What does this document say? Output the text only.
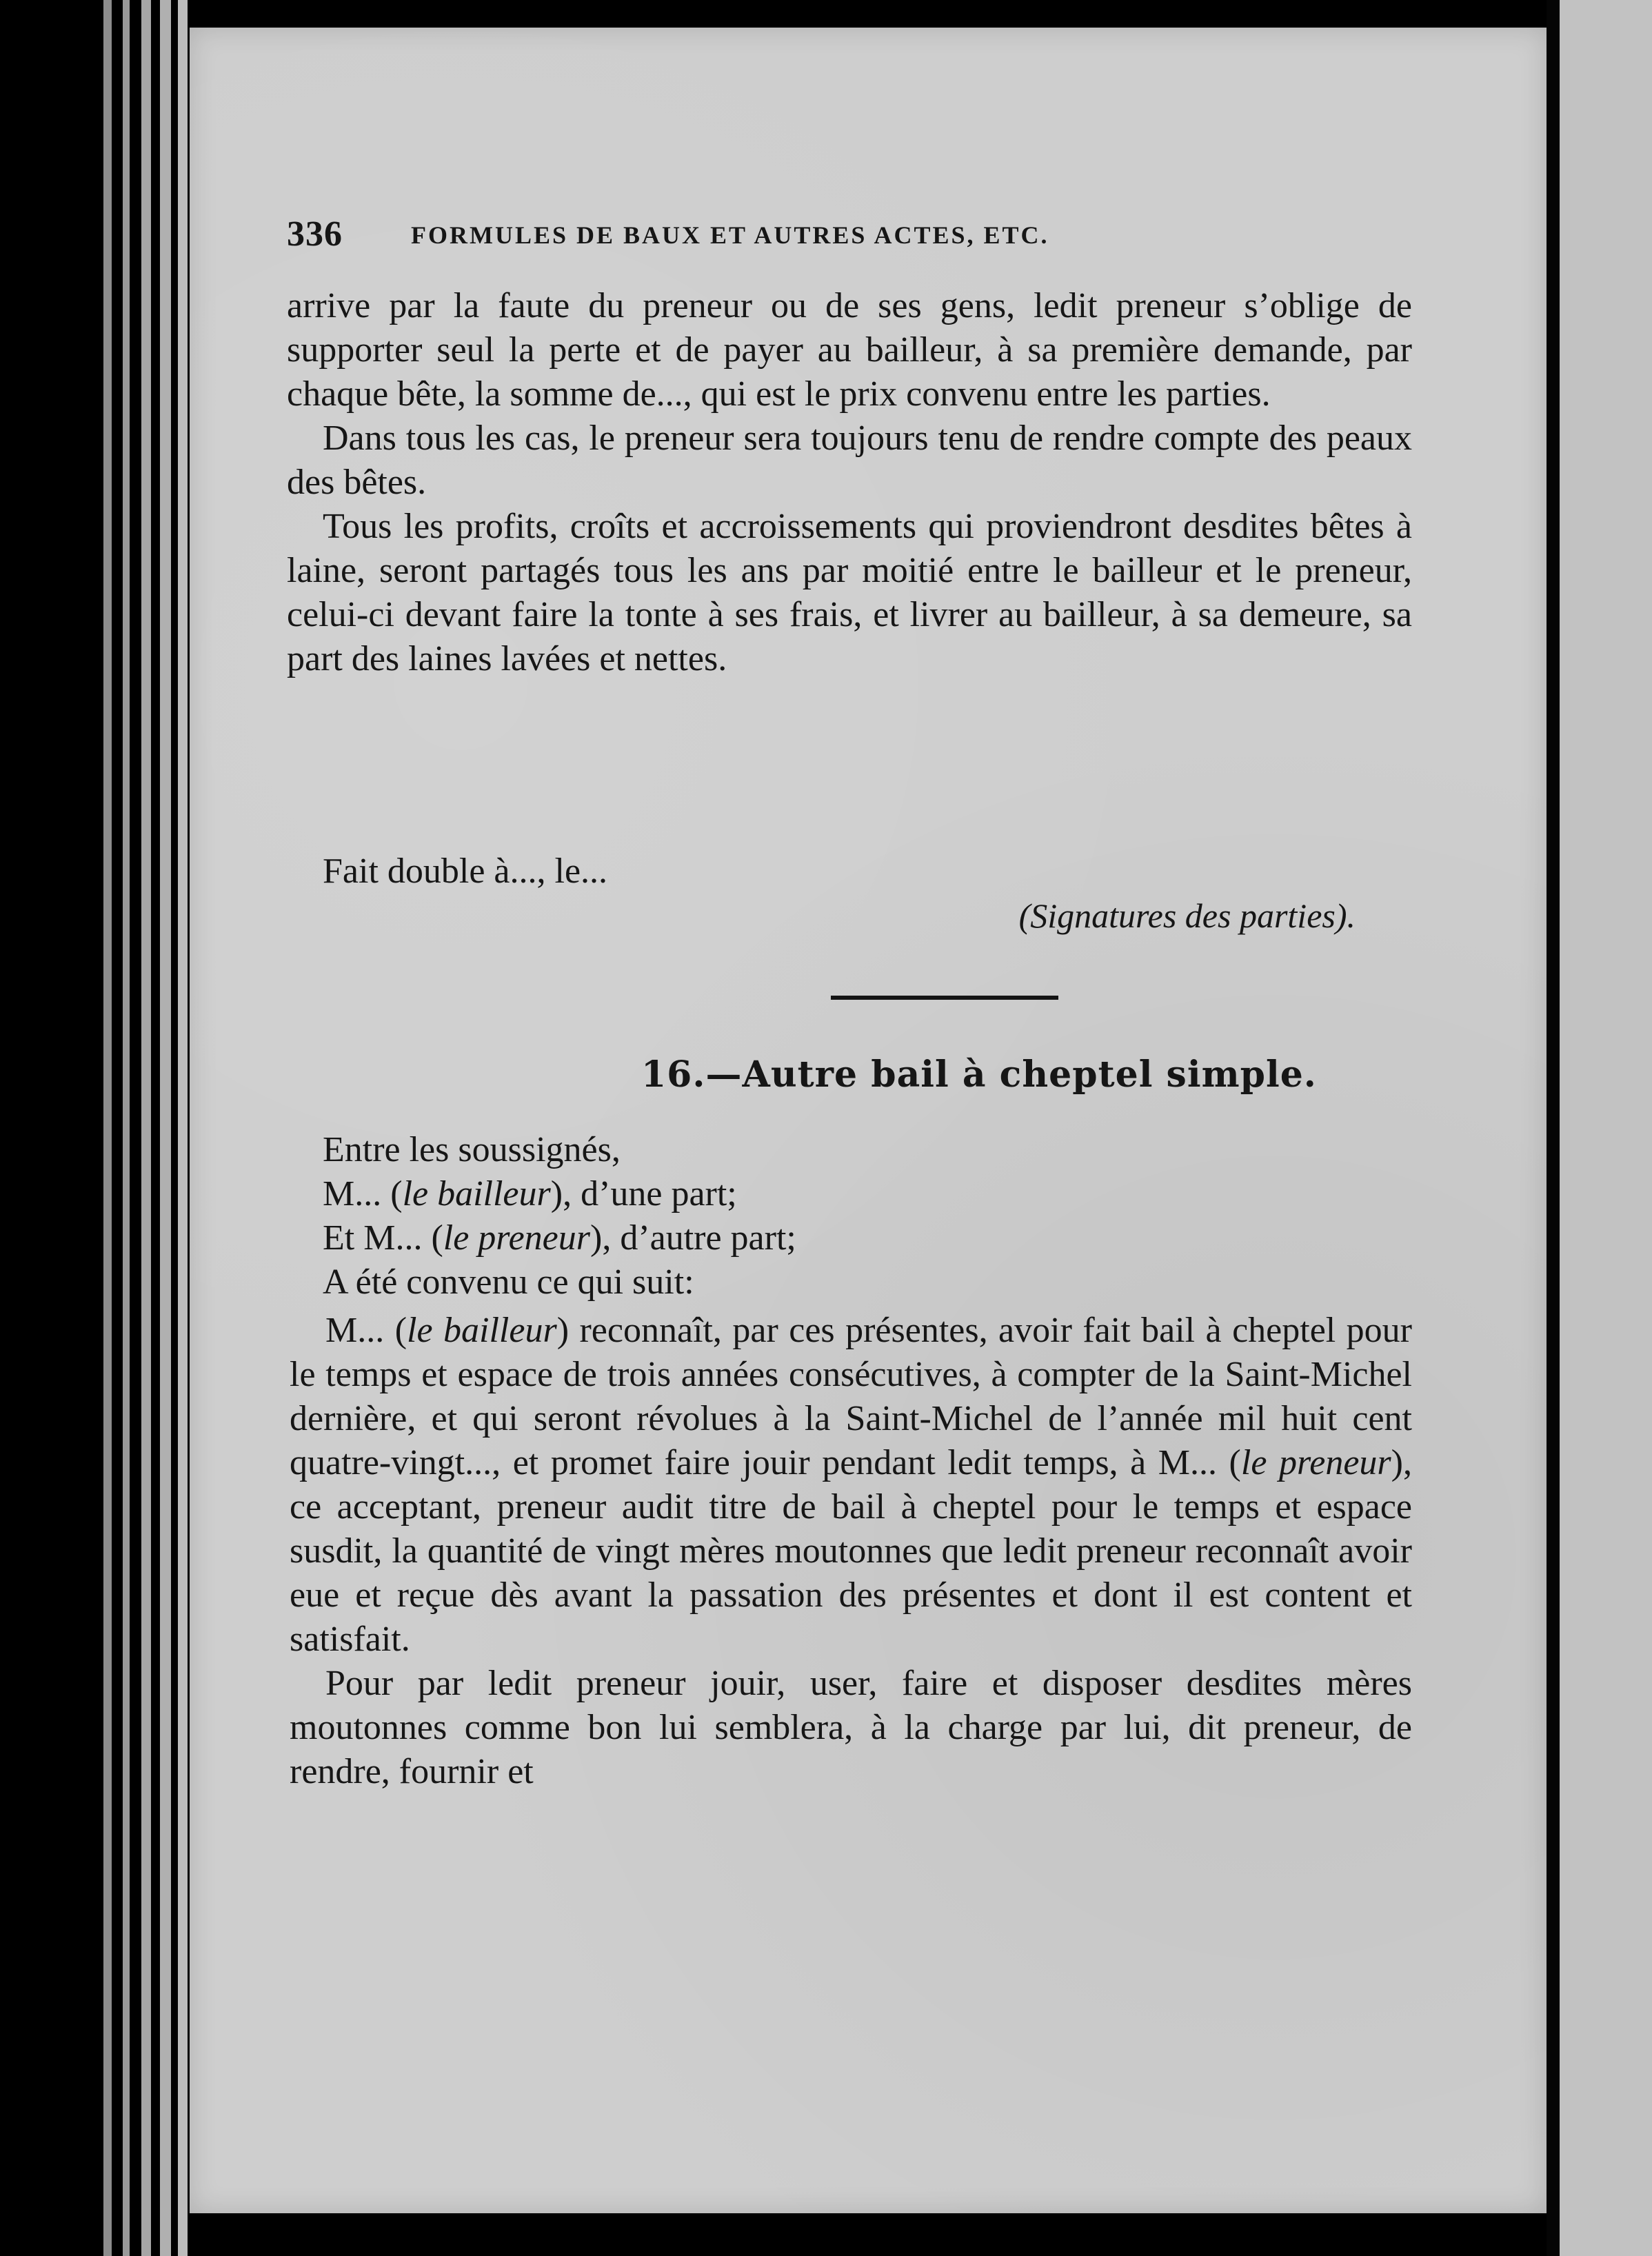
336	FORMULES DE BAUX ET AUTRES ACTES, ETC.

arrive par la faute du preneur ou de ses gens, ledit preneur s’oblige de supporter seul la perte et de payer au bailleur, à sa première demande, par chaque bête, la somme de..., qui est le prix convenu entre les parties.

Dans tous les cas, le preneur sera toujours tenu de rendre compte des peaux des bêtes.

Tous les profits, croîts et accroissements qui proviendront desdites bêtes à laine, seront partagés tous les ans par moitié entre le bailleur et le preneur, celui-ci devant faire la tonte à ses frais, et livrer au bailleur, à sa demeure, sa part des laines lavées et nettes.

Fait double à..., le...
(Signatures des parties).
16.—Autre bail à cheptel simple.
Entre les soussignés,
M... (le bailleur), d’une part;
Et M... (le preneur), d’autre part;
A été convenu ce qui suit:

M... (le bailleur) reconnaît, par ces présentes, avoir fait bail à cheptel pour le temps et espace de trois années consécutives, à compter de la Saint-Michel dernière, et qui seront révolues à la Saint-Michel de l’année mil huit cent quatre-vingt..., et promet faire jouir pendant ledit temps, à M... (le preneur), ce acceptant, preneur audit titre de bail à cheptel pour le temps et espace susdit, la quantité de vingt mères moutonnes que ledit preneur reconnaît avoir eue et reçue dès avant la passation des présentes et dont il est content et satisfait.

Pour par ledit preneur jouir, user, faire et disposer desdites mères moutonnes comme bon lui semblera, à la charge par lui, dit preneur, de rendre, fournir et
